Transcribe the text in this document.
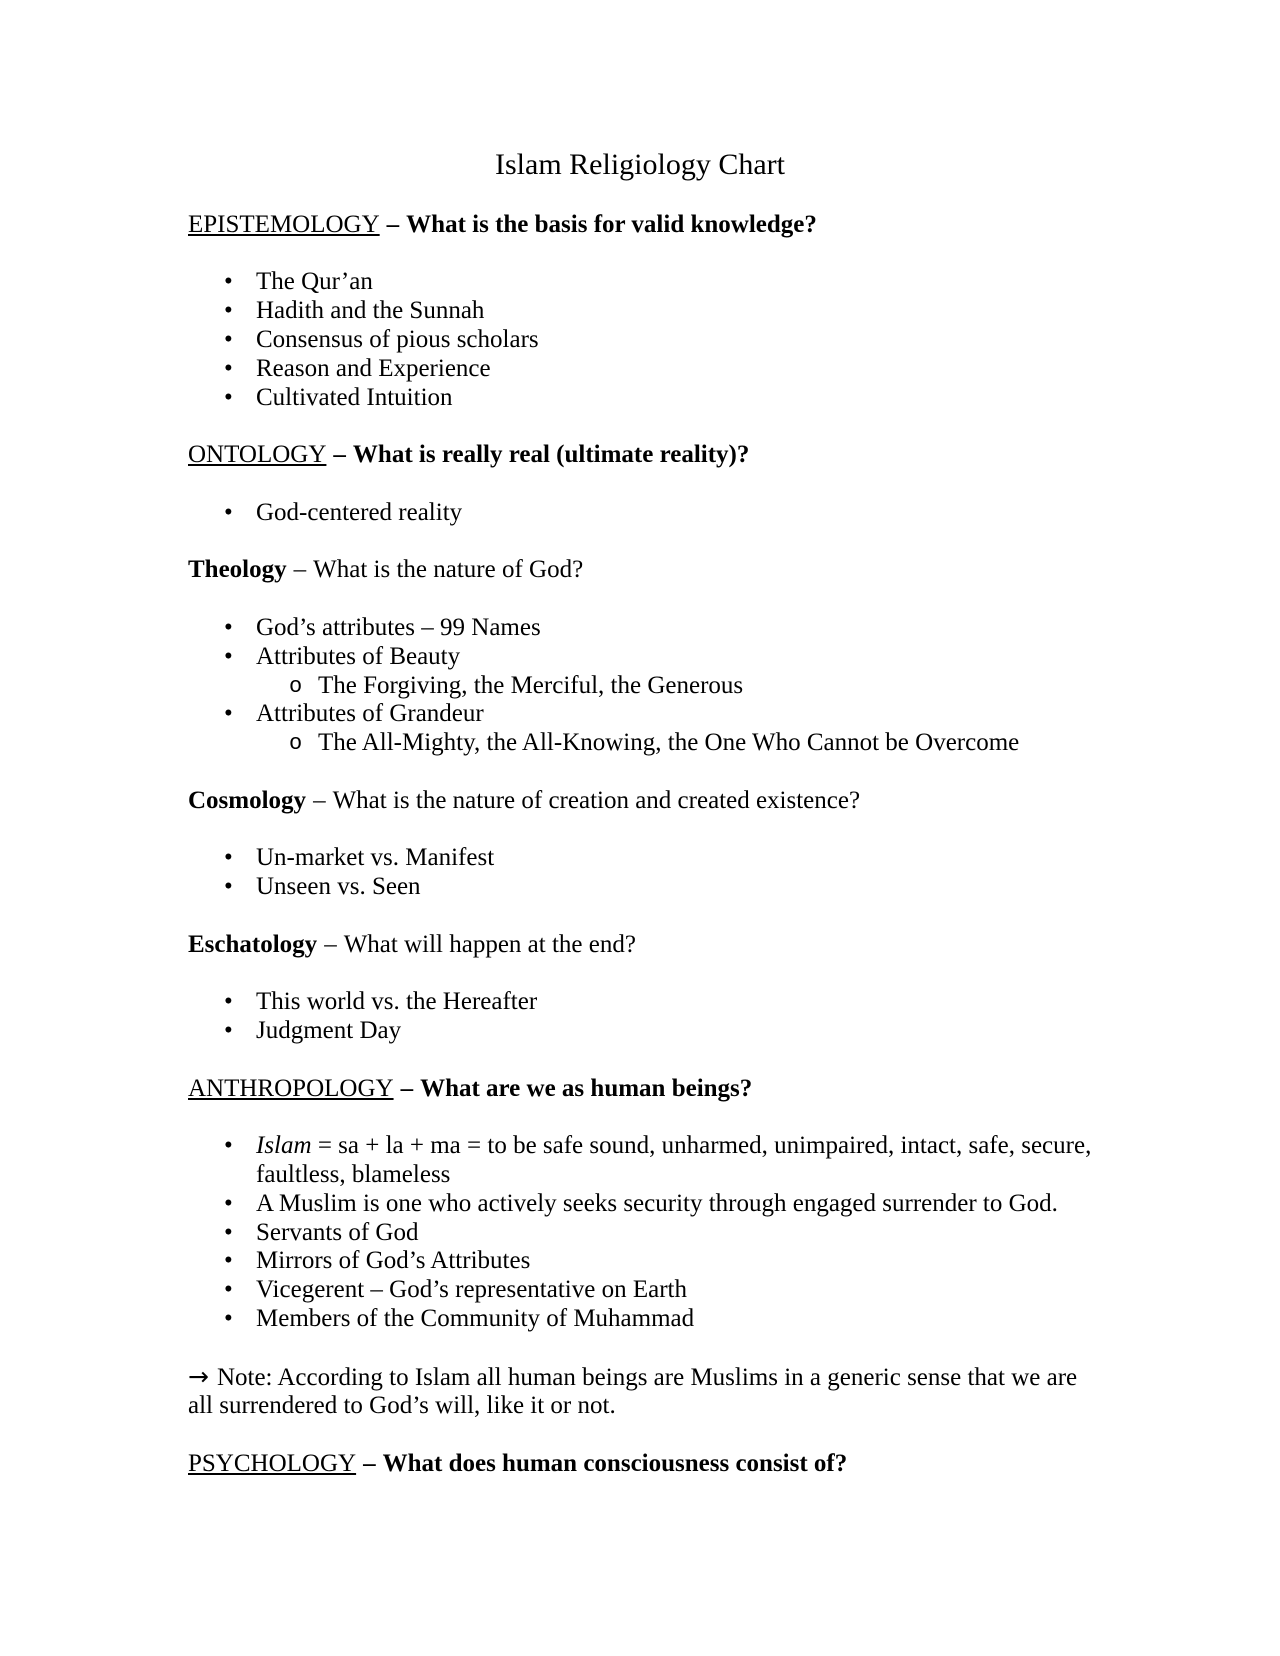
Islam Religiology Chart

EPISTEMOLOGY – What is the basis for valid knowledge?

• The Qur’an
• Hadith and the Sunnah
• Consensus of pious scholars
• Reason and Experience
• Cultivated Intuition

ONTOLOGY – What is really real (ultimate reality)?

• God-centered reality

Theology – What is the nature of God?

• God’s attributes – 99 Names
• Attributes of Beauty
o The Forgiving, the Merciful, the Generous
• Attributes of Grandeur
o The All-Mighty, the All-Knowing, the One Who Cannot be Overcome

Cosmology – What is the nature of creation and created existence?

• Un-market vs. Manifest
• Unseen vs. Seen

Eschatology – What will happen at the end?

• This world vs. the Hereafter
• Judgment Day

ANTHROPOLOGY – What are we as human beings?

• Islam = sa + la + ma = to be safe sound, unharmed, unimpaired, intact, safe, secure, faultless, blameless
• A Muslim is one who actively seeks security through engaged surrender to God.
• Servants of God
• Mirrors of God’s Attributes
• Vicegerent – God’s representative on Earth
• Members of the Community of Muhammad

→ Note: According to Islam all human beings are Muslims in a generic sense that we are all surrendered to God’s will, like it or not.

PSYCHOLOGY – What does human consciousness consist of?
